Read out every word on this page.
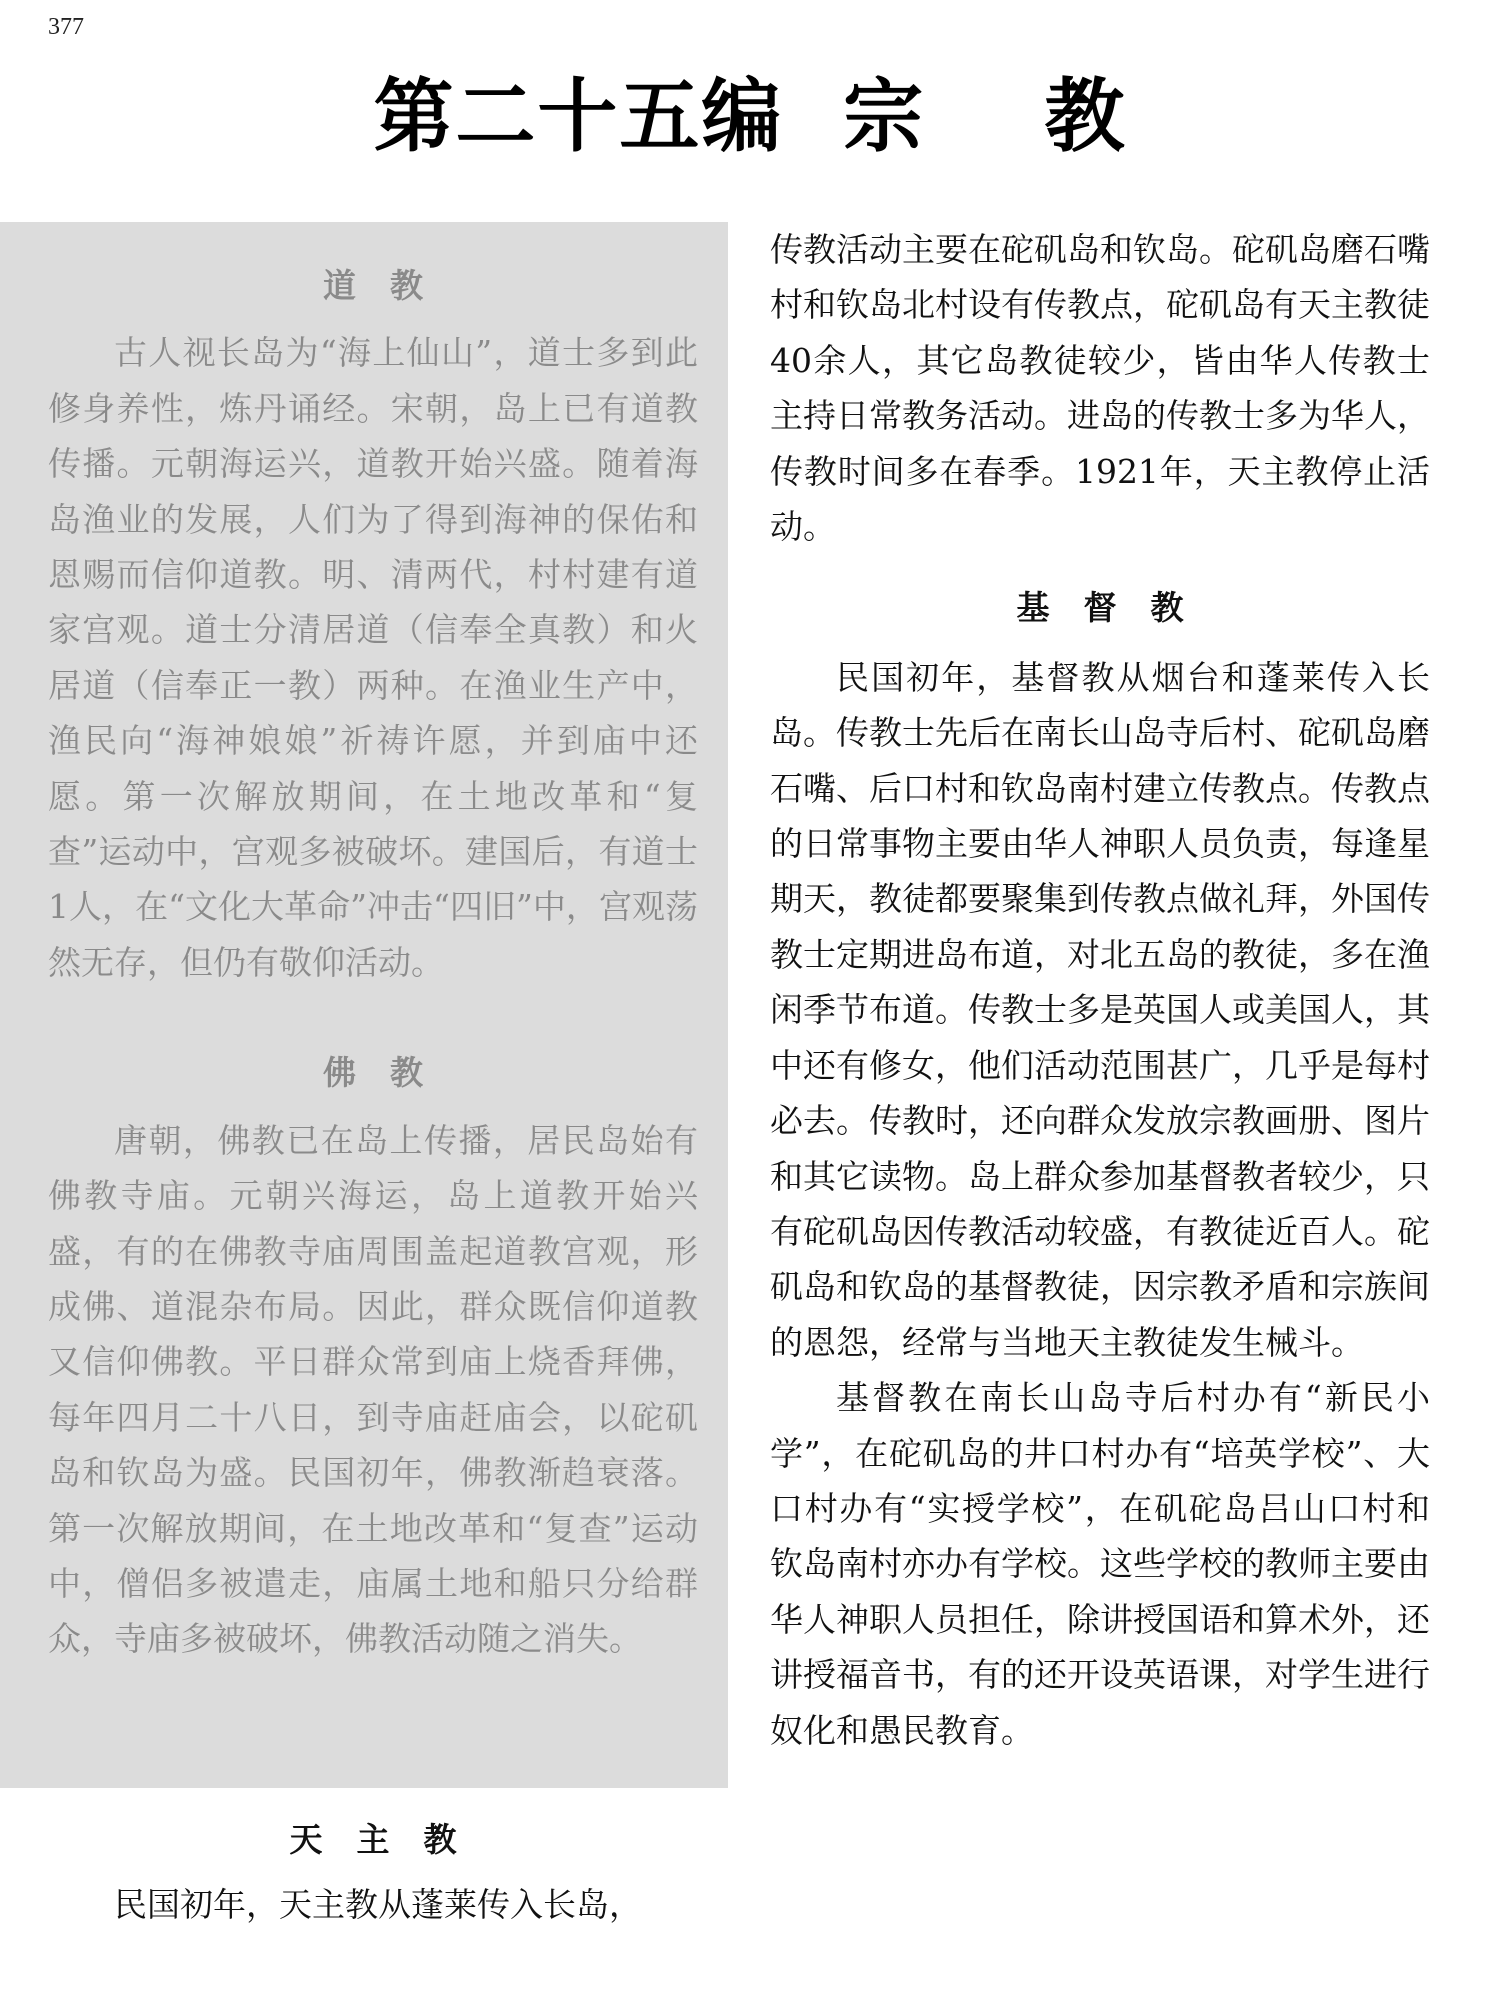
377
第二十五编  宗    教
道教

古人视长岛为“海上仙山”，道士多到此修身养性，炼丹诵经。宋朝，岛上已有道教传播。元朝海运兴，道教开始兴盛。随着海岛渔业的发展，人们为了得到海神的保佑和恩赐而信仰道教。明、清两代，村村建有道家宫观。道士分清居道（信奉全真教）和火居道（信奉正一教）两种。在渔业生产中，渔民向“海神娘娘”祈祷许愿，并到庙中还愿。第一次解放期间，在土地改革和“复查”运动中，宫观多被破坏。建国后，有道士1人，在“文化大革命”冲击“四旧”中，宫观荡然无存，但仍有敬仰活动。

佛教

唐朝，佛教已在岛上传播，居民岛始有佛教寺庙。元朝兴海运，岛上道教开始兴盛，有的在佛教寺庙周围盖起道教宫观，形成佛、道混杂布局。因此，群众既信仰道教又信仰佛教。平日群众常到庙上烧香拜佛，每年四月二十八日，到寺庙赶庙会，以砣矶岛和钦岛为盛。民国初年，佛教渐趋衰落。第一次解放期间，在土地改革和“复查”运动中，僧侣多被遣走，庙属土地和船只分给群众，寺庙多被破坏，佛教活动随之消失。

天主教

民国初年，天主教从蓬莱传入长岛，

传教活动主要在砣矶岛和钦岛。砣矶岛磨石嘴村和钦岛北村设有传教点，砣矶岛有天主教徒40余人，其它岛教徒较少，皆由华人传教士主持日常教务活动。进岛的传教士多为华人，传教时间多在春季。1921年，天主教停止活动。

基督教

民国初年，基督教从烟台和蓬莱传入长岛。传教士先后在南长山岛寺后村、砣矶岛磨石嘴、后口村和钦岛南村建立传教点。传教点的日常事物主要由华人神职人员负责，每逢星期天，教徒都要聚集到传教点做礼拜，外国传教士定期进岛布道，对北五岛的教徒，多在渔闲季节布道。传教士多是英国人或美国人，其中还有修女，他们活动范围甚广，几乎是每村必去。传教时，还向群众发放宗教画册、图片和其它读物。岛上群众参加基督教者较少，只有砣矶岛因传教活动较盛，有教徒近百人。砣矶岛和钦岛的基督教徒，因宗教矛盾和宗族间的恩怨，经常与当地天主教徒发生械斗。

基督教在南长山岛寺后村办有“新民小学”，在砣矶岛的井口村办有“培英学校”、大口村办有“实授学校”，在矶砣岛吕山口村和钦岛南村亦办有学校。这些学校的教师主要由华人神职人员担任，除讲授国语和算术外，还讲授福音书，有的还开设英语课，对学生进行奴化和愚民教育。
